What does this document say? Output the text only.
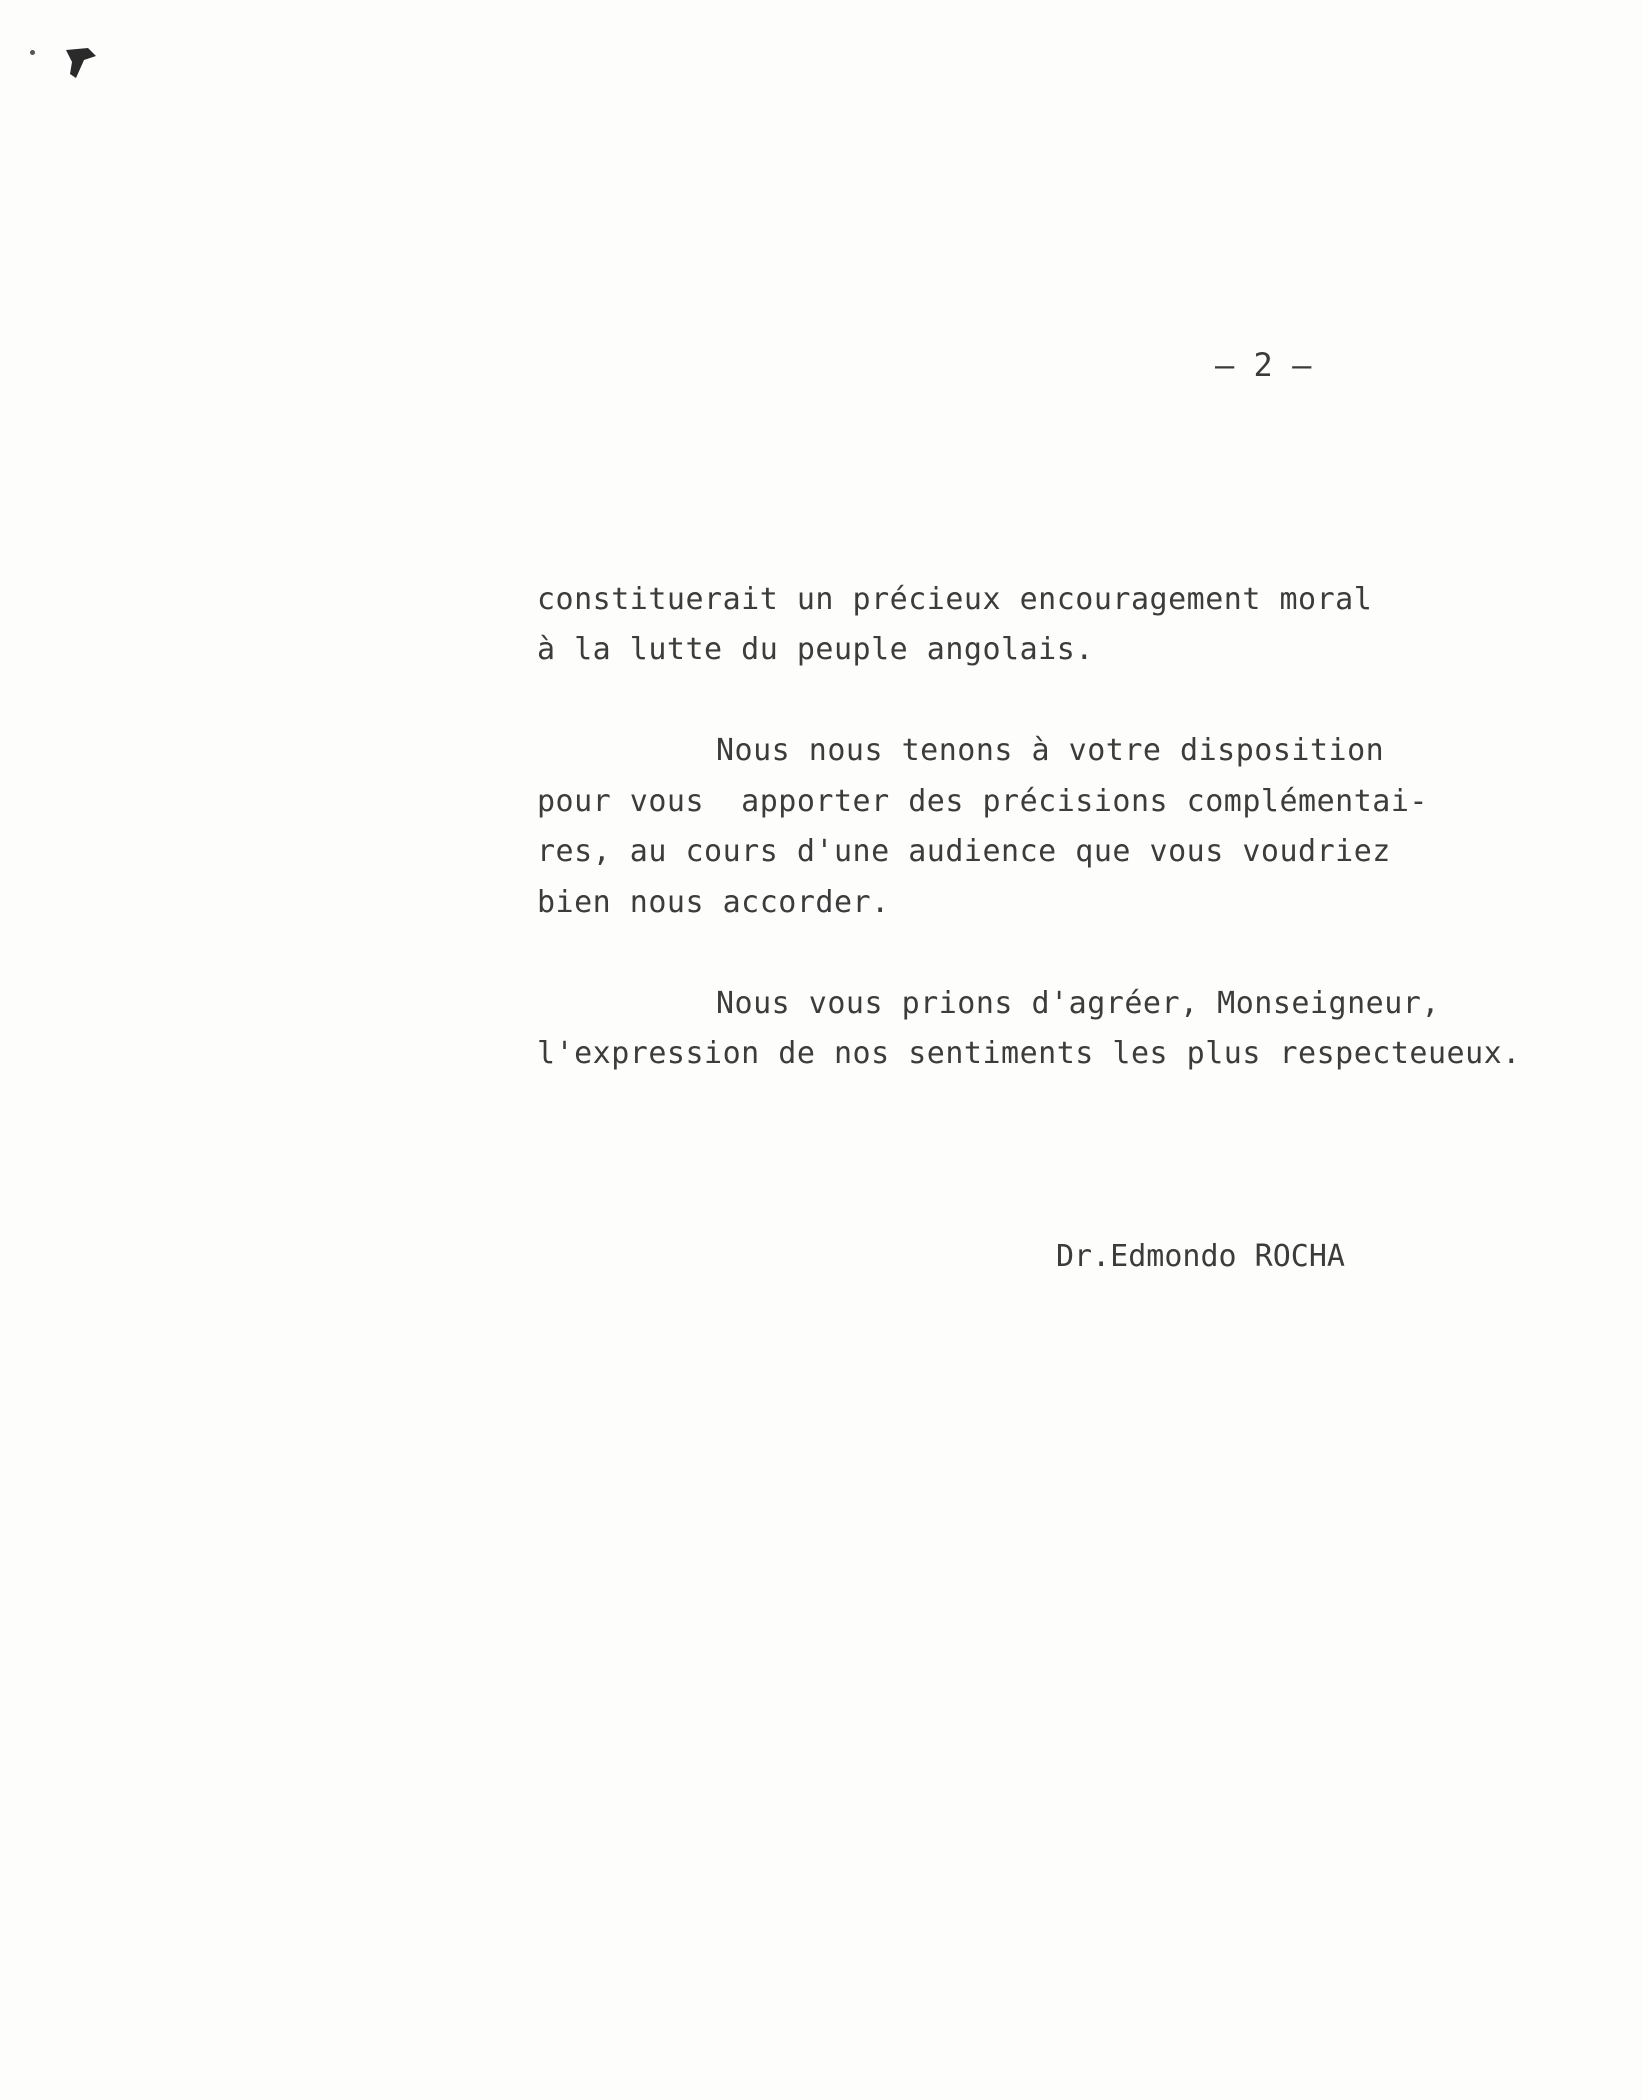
— 2 —

constituerait un précieux encouragement moral

à la lutte du peuple angolais.

Nous nous tenons à votre disposition

pour vous  apporter des précisions complémentai-

res, au cours d'une audience que vous voudriez

bien nous accorder.

Nous vous prions d'agréer, Monseigneur,

l'expression de nos sentiments les plus respecteueux.

Dr.Edmondo ROCHA
